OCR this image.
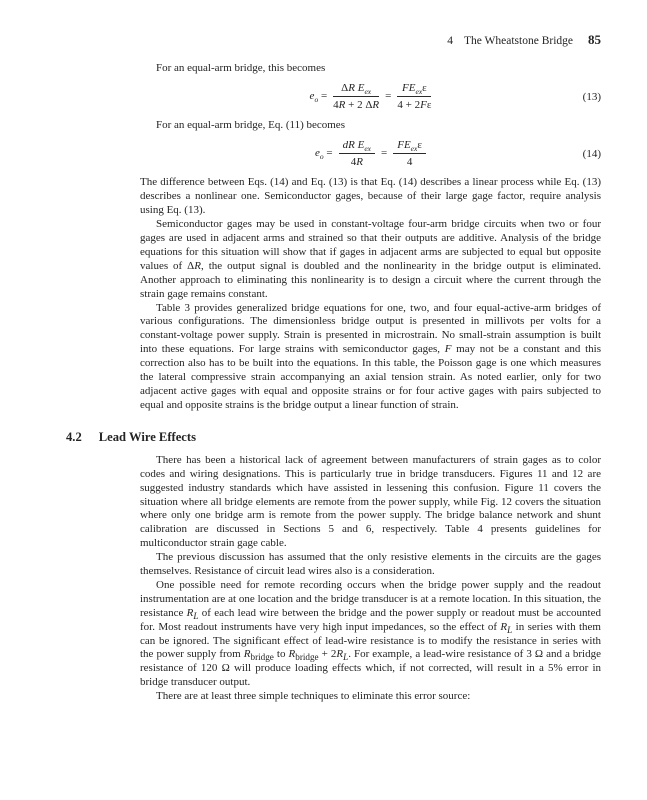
4 The Wheatstone Bridge 85

For an equal-arm bridge, this becomes

$e_o = \frac{\Delta R E_{ex}}{4R + 2 \Delta R} = \frac{FE_{ex}\varepsilon}{4 + 2F\varepsilon}$	(13)

For an equal-arm bridge, Eq. (11) becomes

$e_o = \frac{dR E_{ex}}{4R} = \frac{FE_{ex}\varepsilon}{4}$	(14)

The difference between Eqs. (14) and Eq. (13) is that Eq. (14) describes a linear process while Eq. (13) describes a nonlinear one. Semiconductor gages, because of their large gage factor, require analysis using Eq. (13).

Semiconductor gages may be used in constant-voltage four-arm bridge circuits when two or four gages are used in adjacent arms and strained so that their outputs are additive. Analysis of the bridge equations for this situation will show that if gages in adjacent arms are subjected to equal but opposite values of ΔR, the output signal is doubled and the nonlinearity in the bridge output is eliminated. Another approach to eliminating this nonlinearity is to design a circuit where the current through the strain gage remains constant.

Table 3 provides generalized bridge equations for one, two, and four equal-active-arm bridges of various configurations. The dimensionless bridge output is presented in millivots per volts for a constant-voltage power supply. Strain is presented in microstrain. No small-strain assumption is built into these equations. For large strains with semiconductor gages, F may not be a constant and this correction also has to be built into the equations. In this table, the Poisson gage is one which measures the lateral compressive strain accompanying an axial tension strain. As noted earlier, only for two adjacent active gages with equal and opposite strains or for four active gages with pairs subjected to equal and opposite strains is the bridge output a linear function of strain.

4.2 Lead Wire Effects

There has been a historical lack of agreement between manufacturers of strain gages as to color codes and wiring designations. This is particularly true in bridge transducers. Figures 11 and 12 are suggested industry standards which have assisted in lessening this confusion. Figure 11 covers the situation where all bridge elements are remote from the power supply, while Fig. 12 covers the situation where only one bridge arm is remote from the power supply. The bridge balance network and shunt calibration are discussed in Sections 5 and 6, respectively. Table 4 presents guidelines for multiconductor strain gage cable.

The previous discussion has assumed that the only resistive elements in the circuits are the gages themselves. Resistance of circuit lead wires also is a consideration.

One possible need for remote recording occurs when the bridge power supply and the readout instrumentation are at one location and the bridge transducer is at a remote location. In this situation, the resistance $R_L$ of each lead wire between the bridge and the power supply or readout must be accounted for. Most readout instruments have very high input impedances, so the effect of $R_L$ in series with them can be ignored. The significant effect of lead-wire resistance is to modify the resistance in series with the power supply from $R_{bridge}$ to $R_{bridge} + 2R_L$. For example, a lead-wire resistance of 3 Ω and a bridge resistance of 120 Ω will produce loading effects which, if not corrected, will result in a 5% error in bridge transducer output.

There are at least three simple techniques to eliminate this error source:
